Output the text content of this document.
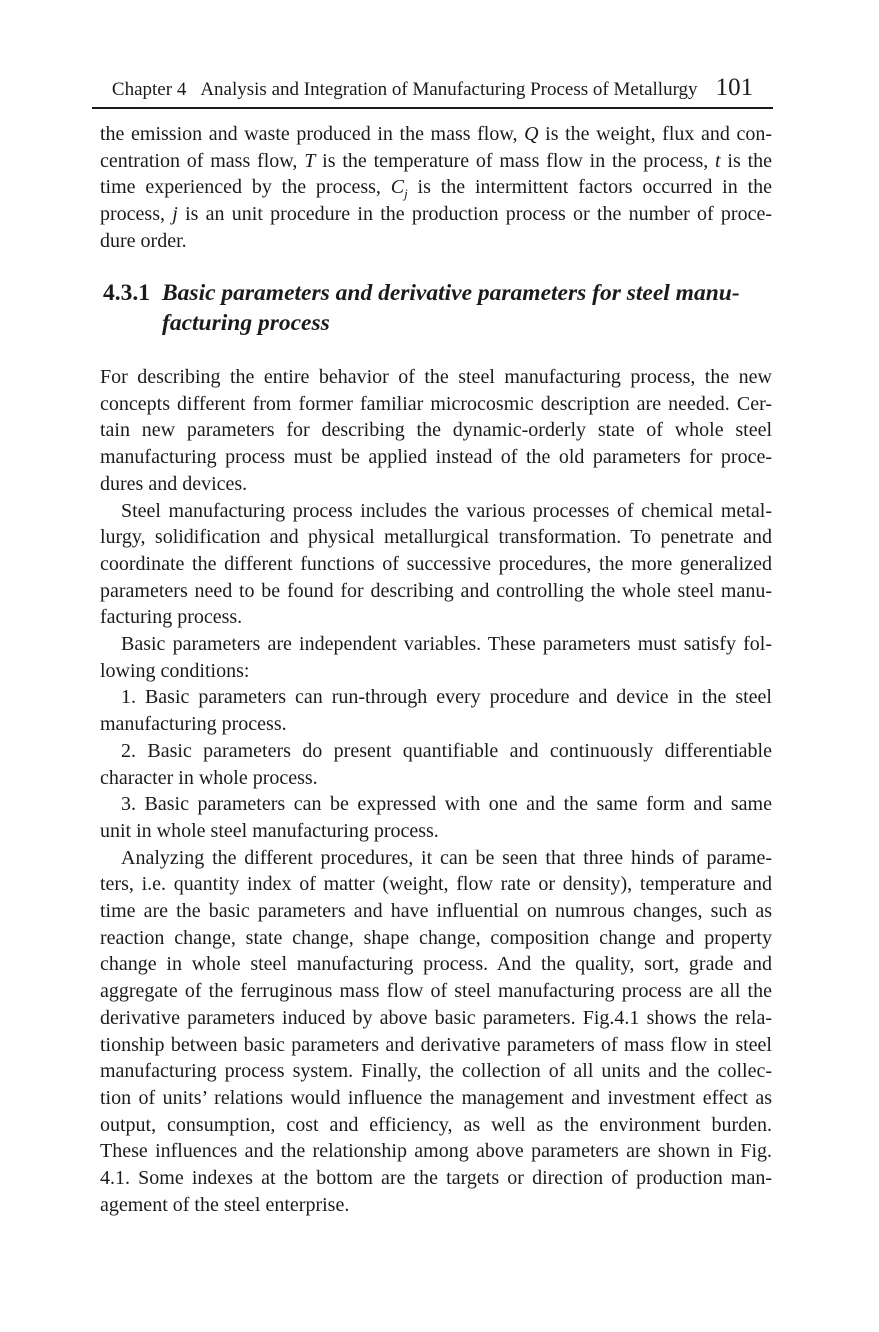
Chapter 4 Analysis and Integration of Manufacturing Process of Metallurgy 101
the emission and waste produced in the mass flow, Q is the weight, flux and con-
centration of mass flow, T is the temperature of mass flow in the process, t is the
time experienced by the process, $C_j$ is the intermittent factors occurred in the
process, j is an unit procedure in the production process or the number of proce-
dure order.
4.3.1 Basic parameters and derivative parameters for steel manu-
facturing process
For describing the entire behavior of the steel manufacturing process, the new
concepts different from former familiar microcosmic description are needed. Cer-
tain new parameters for describing the dynamic-orderly state of whole steel
manufacturing process must be applied instead of the old parameters for proce-
dures and devices.
Steel manufacturing process includes the various processes of chemical metal-
lurgy, solidification and physical metallurgical transformation. To penetrate and
coordinate the different functions of successive procedures, the more generalized
parameters need to be found for describing and controlling the whole steel manu-
facturing process.
Basic parameters are independent variables. These parameters must satisfy fol-
lowing conditions:
1. Basic parameters can run-through every procedure and device in the steel
manufacturing process.
2. Basic parameters do present quantifiable and continuously differentiable
character in whole process.
3. Basic parameters can be expressed with one and the same form and same
unit in whole steel manufacturing process.
Analyzing the different procedures, it can be seen that three hinds of parame-
ters, i.e. quantity index of matter (weight, flow rate or density), temperature and
time are the basic parameters and have influential on numrous changes, such as
reaction change, state change, shape change, composition change and property
change in whole steel manufacturing process. And the quality, sort, grade and
aggregate of the ferruginous mass flow of steel manufacturing process are all the
derivative parameters induced by above basic parameters. Fig.4.1 shows the rela-
tionship between basic parameters and derivative parameters of mass flow in steel
manufacturing process system. Finally, the collection of all units and the collec-
tion of units’ relations would influence the management and investment effect as
output, consumption, cost and efficiency, as well as the environment burden.
These influences and the relationship among above parameters are shown in Fig.
4.1. Some indexes at the bottom are the targets or direction of production man-
agement of the steel enterprise.
